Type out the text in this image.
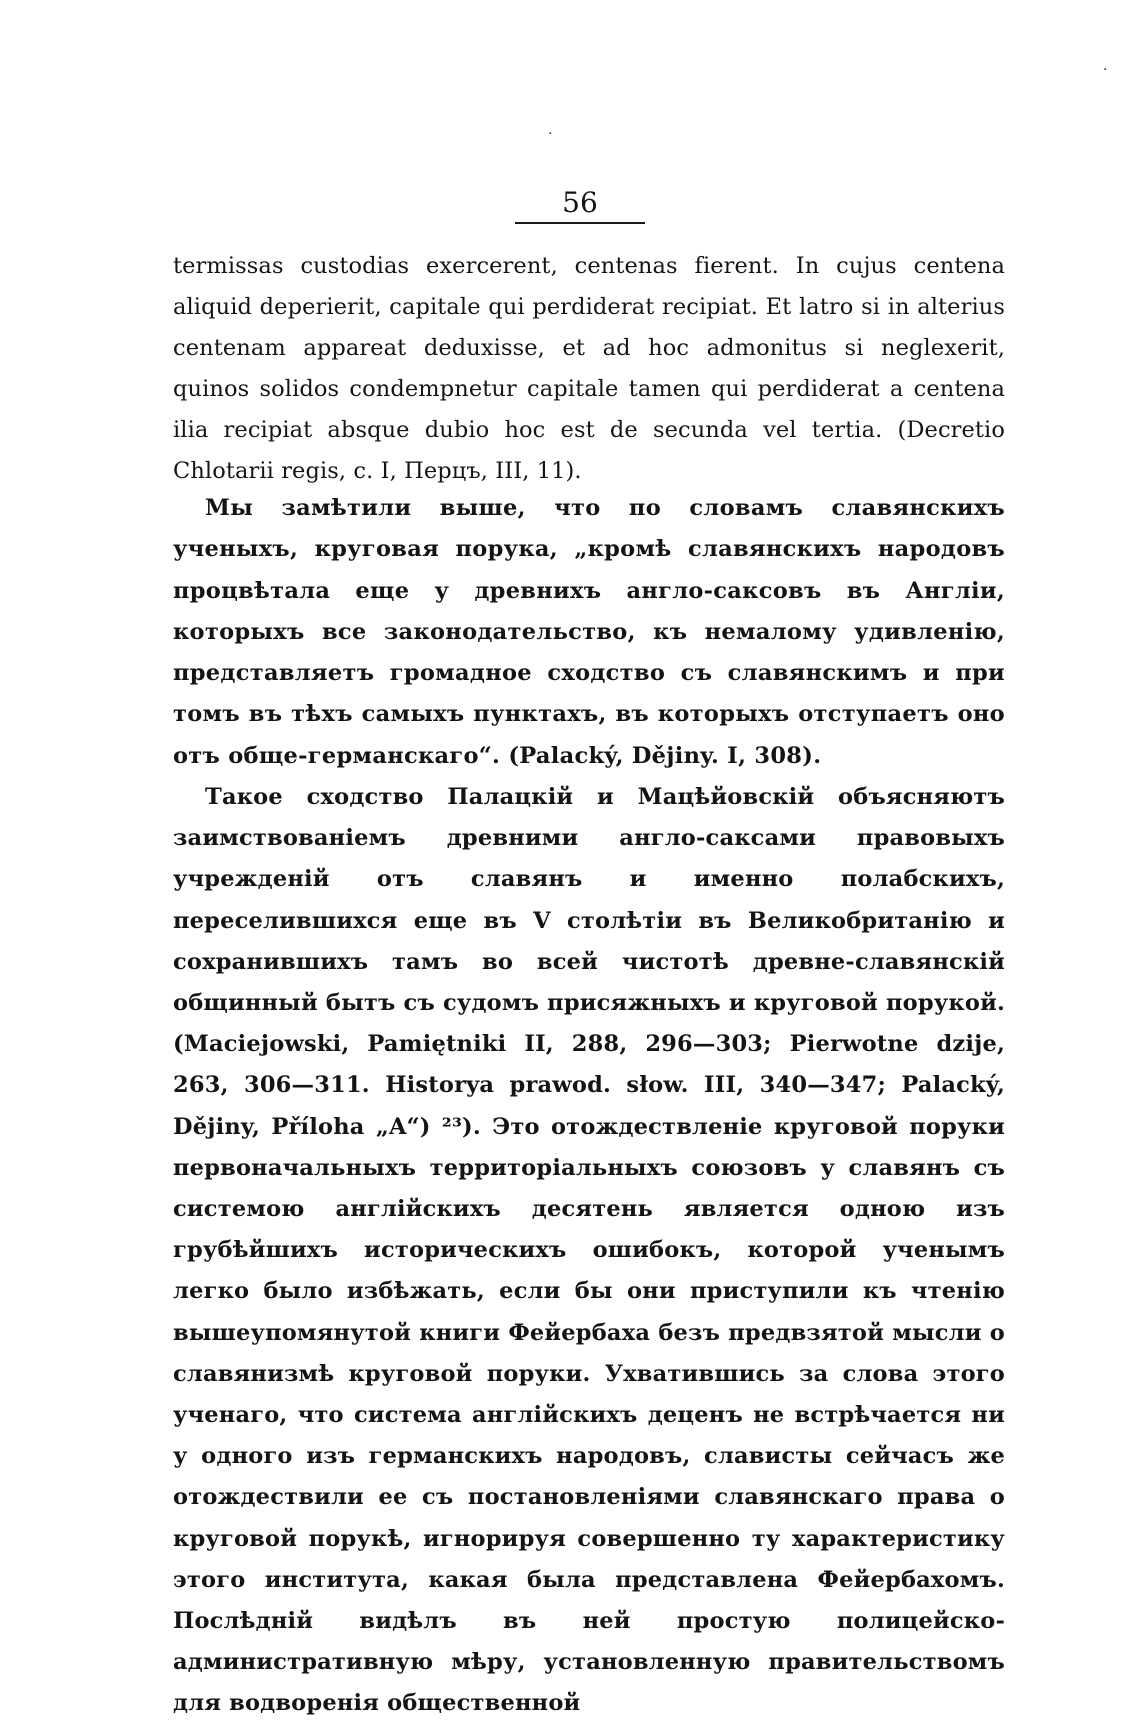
·
·
56

termissas custodias exercerent, centenas fierent. In cujus centena aliquid deperierit, capitale qui perdiderat recipiat. Et latro si in alterius centenam appareat deduxisse, et ad hoc admonitus si neglexerit, quinos solidos condempnetur capitale tamen qui perdiderat a centena ilia recipiat absque dubio hoc est de secunda vel tertia. (Decretio Chlotarii regis, c. I, Перцъ, III, 11).

Мы замѣтили выше, что по словамъ славянскихъ ученыхъ, круговая порука, „кромѣ славянскихъ народовъ процвѣтала еще у древнихъ англо-саксовъ въ Англіи, которыхъ все законодательство, къ немалому удивленію, представляетъ громадное сходство съ славянскимъ и при томъ въ тѣхъ самыхъ пунктахъ, въ которыхъ отступаетъ оно отъ обще-германскаго“. (Palacký, Dějiny. I, 308).

Такое сходство Палацкій и Мацѣйовскій объясняютъ заимствованіемъ древними англо-саксами правовыхъ учрежденій отъ славянъ и именно полабскихъ, переселившихся еще въ V столѣтіи въ Великобританію и сохранившихъ тамъ во всей чистотѣ древне-славянскій общинный бытъ съ судомъ присяжныхъ и круговой порукой. (Maciejowski, Pamiętniki II, 288, 296—303; Pierwotne dzije, 263, 306—311. Historya prawod. słow. III, 340—347; Palacký, Dějiny, Příloha „A“) ²³). Это отождествленіе круговой поруки первоначальныхъ территоріальныхъ союзовъ у славянъ съ системою англійскихъ десятень является одною изъ грубѣйшихъ историческихъ ошибокъ, которой ученымъ легко было избѣжать, если бы они приступили къ чтенію вышеупомянутой книги Фейербаха безъ предвзятой мысли о славянизмѣ круговой поруки. Ухватившись за слова этого ученаго, что система англійскихъ деценъ не встрѣчается ни у одного изъ германскихъ народовъ, слависты сейчасъ же отождествили ее съ постановленіями славянскаго права о круговой порукѣ, игнорируя совершенно ту характеристику этого института, какая была представлена Фейербахомъ. Послѣдній видѣлъ въ ней простую полицейско-административную мѣру, установленную правительствомъ для водворенія общественной
